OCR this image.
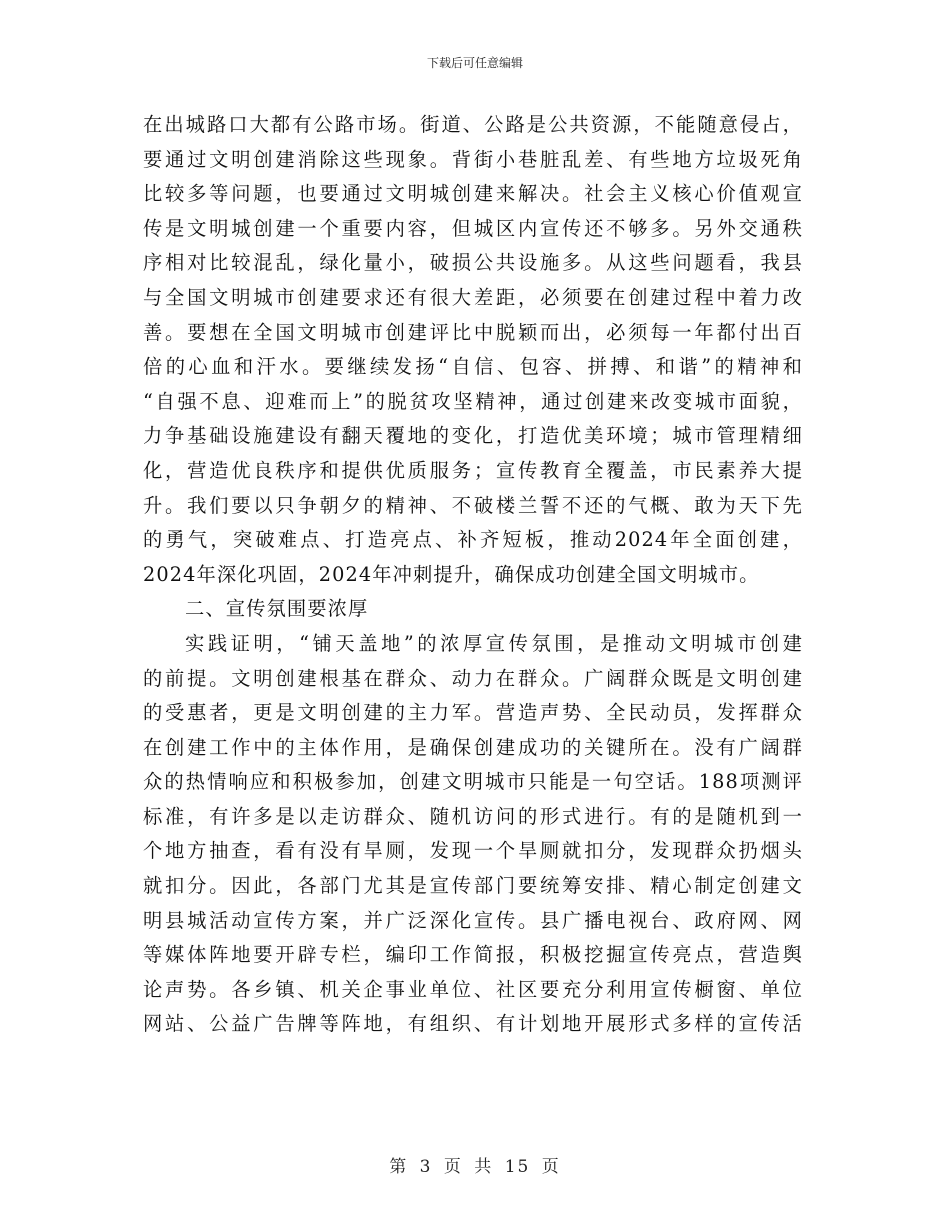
下载后可任意编辑
在出城路口大都有公路市场。街道、公路是公共资源，不能随意侵占，
要通过文明创建消除这些现象。背街小巷脏乱差、有些地方垃圾死角
比较多等问题，也要通过文明城创建来解决。社会主义核心价值观宣
传是文明城创建一个重要内容，但城区内宣传还不够多。另外交通秩
序相对比较混乱，绿化量小，破损公共设施多。从这些问题看，我县
与全国文明城市创建要求还有很大差距，必须要在创建过程中着力改
善。要想在全国文明城市创建评比中脱颖而出，必须每一年都付出百
倍的心血和汗水。要继续发扬“自信、包容、拼搏、和谐”的精神和
“自强不息、迎难而上”的脱贫攻坚精神，通过创建来改变城市面貌，
力争基础设施建设有翻天覆地的变化，打造优美环境；城市管理精细
化，营造优良秩序和提供优质服务；宣传教育全覆盖，市民素养大提
升。我们要以只争朝夕的精神、不破楼兰誓不还的气概、敢为天下先
的勇气，突破难点、打造亮点、补齐短板，推动2024年全面创建，
2024年深化巩固，2024年冲刺提升，确保成功创建全国文明城市。
二、宣传氛围要浓厚
实践证明，“铺天盖地”的浓厚宣传氛围，是推动文明城市创建
的前提。文明创建根基在群众、动力在群众。广阔群众既是文明创建
的受惠者，更是文明创建的主力军。营造声势、全民动员，发挥群众
在创建工作中的主体作用，是确保创建成功的关键所在。没有广阔群
众的热情响应和积极参加，创建文明城市只能是一句空话。188项测评
标准，有许多是以走访群众、随机访问的形式进行。有的是随机到一
个地方抽查，看有没有旱厕，发现一个旱厕就扣分，发现群众扔烟头
就扣分。因此，各部门尤其是宣传部门要统筹安排、精心制定创建文
明县城活动宣传方案，并广泛深化宣传。县广播电视台、政府网、网
等媒体阵地要开辟专栏，编印工作简报，积极挖掘宣传亮点，营造舆
论声势。各乡镇、机关企事业单位、社区要充分利用宣传橱窗、单位
网站、公益广告牌等阵地，有组织、有计划地开展形式多样的宣传活
第 3 页 共 15 页
